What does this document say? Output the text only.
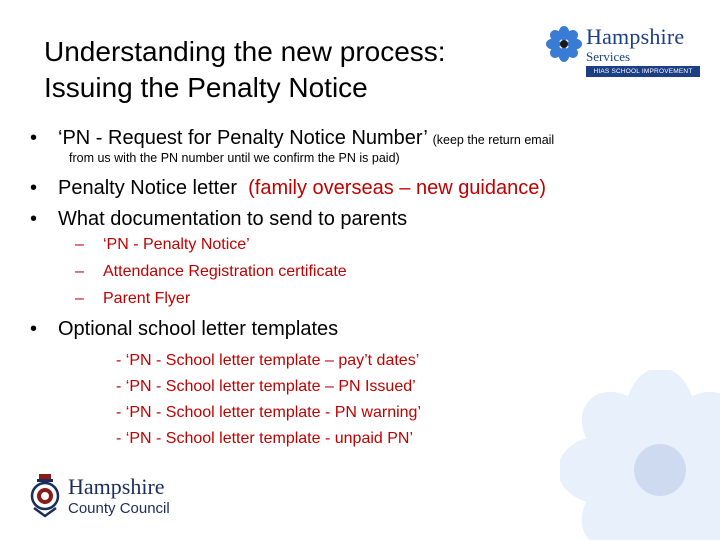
Understanding the new process:
Issuing the Penalty Notice
Hampshire
Services
HIAS SCHOOL IMPROVEMENT
• ‘PN - Request for Penalty Notice Number’ (keep the return email
from us with the PN number until we confirm the PN is paid)
• Penalty Notice letter (family overseas – new guidance)
• What documentation to send to parents
– ‘PN - Penalty Notice’
– Attendance Registration certificate
– Parent Flyer
• Optional school letter templates
- ‘PN - School letter template – pay’t dates’
- ‘PN - School letter template – PN Issued’
- ‘PN - School letter template - PN warning’
- ‘PN - School letter template - unpaid PN’
Hampshire
County Council
